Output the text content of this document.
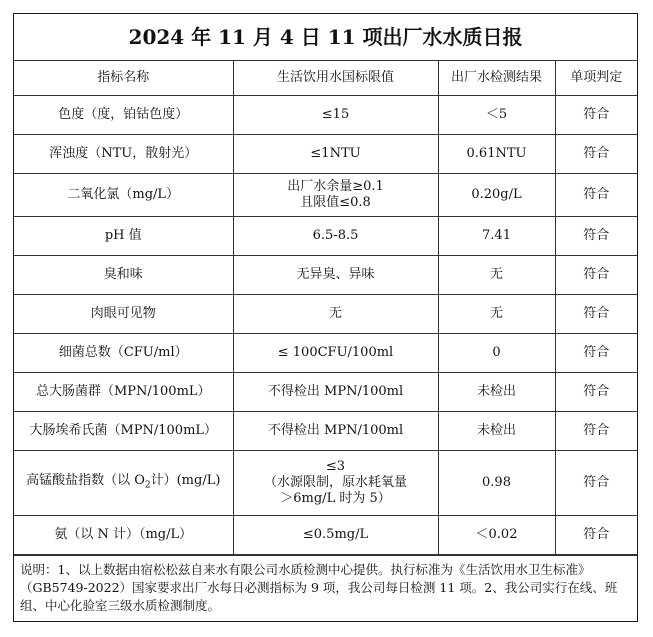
2024 年 11 月 4 日 11 项出厂水水质日报			
指标名称	生活饮用水国标限值	出厂水检测结果	单项判定
色度（度，铂钴色度）	≤15	＜5	符合
浑浊度（NTU，散射光）	≤1NTU	0.61NTU	符合
二氧化氯（mg/L）	出厂水余量≥0.1
且限值≤0.8	0.20g/L	符合
pH 值	6.5-8.5	7.41	符合
臭和味	无异臭、异味	无	符合
肉眼可见物	无	无	符合
细菌总数（CFU/ml）	≤ 100CFU/100ml	0	符合
总大肠菌群（MPN/100mL）	不得检出 MPN/100ml	未检出	符合
大肠埃希氏菌（MPN/100mL）	不得检出 MPN/100ml	未检出	符合
高锰酸盐指数（以 $O_2$计）(mg/L)	≤3
（水源限制，原水耗氧量
＞6mg/L 时为 5）	0.98	符合
氨（以 N 计）（mg/L）	≤0.5mg/L	＜0.02	符合
说明：1、以上数据由宿松松兹自来水有限公司水质检测中心提供。执行标准为《生活饮用水卫生标准》（GB5749-2022）国家要求出厂水每日必测指标为 9 项，我公司每日检测 11 项。2、我公司实行在线、班组、中心化验室三级水质检测制度。
